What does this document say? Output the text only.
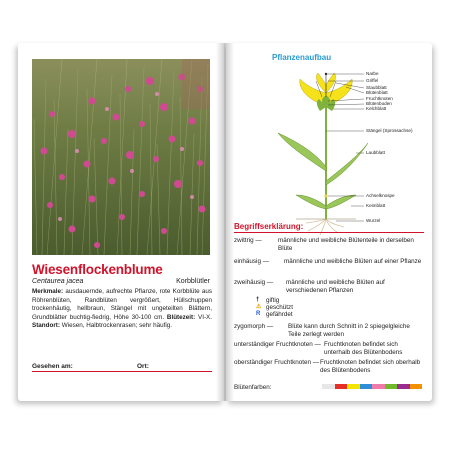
Wiesenflockenblume
Centaurea jacea	Korbblütler
Merkmale: ausdauernde, aufrechte Pflanze, rote Korbblüte aus Röhrenblüten, Randblüten vergrößert, Hüllschuppen trockenhäutig, hellbraun, Stängel mit ungeteilten Blättern, Grundblätter buchtig-fiedrig, Höhe 30-100 cm. Blütezeit: VI-X. Standort: Wiesen, Halbtrockenrasen; sehr häufig.
Gesehen am:	Ort:
Pflanzenaufbau
Narbe
Griffel
Staubblatt
Blütenblatt
Fruchtknoten
Blütenboden
Kelchblatt
Stängel (Sprossachse)
Laubblatt
Achselknospe
Keimblatt
Wurzel
Begriffserklärung:
zwittrig —	männliche und weibliche Blütenteile in derselben Blüte
einhäusig — männliche und weibliche Blüten auf einer Pflanze
zweihäusig — männliche und weibliche Blüten auf verschiedenen Pflanzen
† giftig
⚠ geschützt
R gefährdet
zygomorph — Blüte kann durch Schnitt in 2 spiegelgleiche Teile zerlegt werden
unterständiger Fruchtknoten — Fruchtknoten befindet sich unterhalb des Blütenbodens
oberständiger Fruchtknoten — Fruchtknoten befindet sich oberhalb des Blütenbodens
Blütenfarben:
